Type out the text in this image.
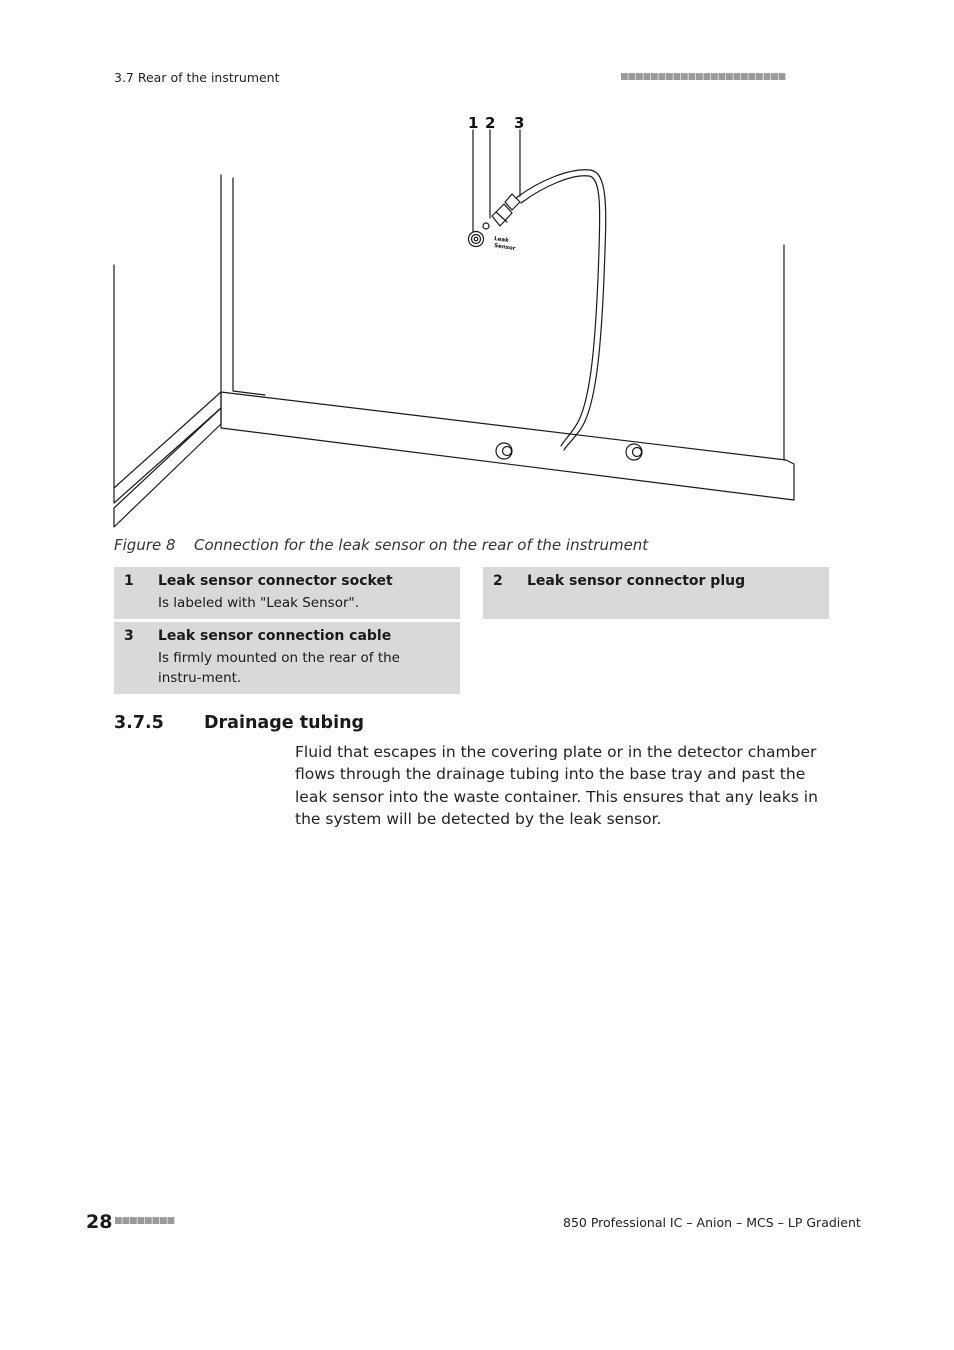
3.7 Rear of the instrument	■■■■■■■■■■■■■■■■■■■■■■
1 2 3
Leak
Sensor
Figure 8 Connection for the leak sensor on the rear of the instrument
1 Leak sensor connector socket
Is labeled with "Leak Sensor".
2 Leak sensor connector plug
3 Leak sensor connection cable
Is firmly mounted on the rear of the instru-ment.
3.7.5 Drainage tubing
Fluid that escapes in the covering plate or in the detector chamber flows through the drainage tubing into the base tray and past the leak sensor into the waste container. This ensures that any leaks in the system will be detected by the leak sensor.
28 ■■■■■■■■	850 Professional IC – Anion – MCS – LP Gradient
